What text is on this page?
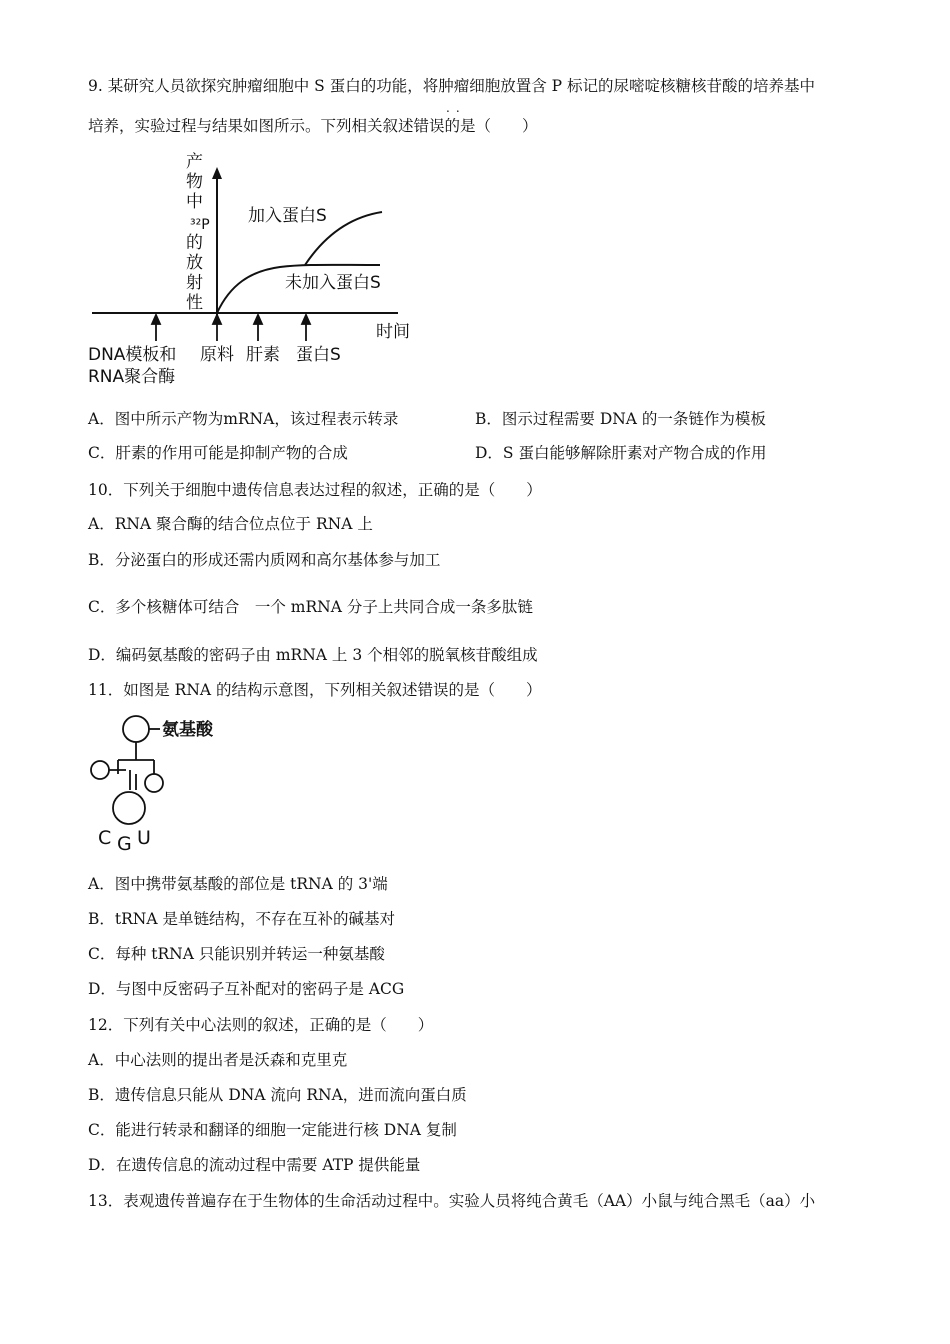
9. 某研究人员欲探究肿瘤细胞中 S 蛋白的功能，将肿瘤细胞放置含 P 标记的尿嘧啶核糖核苷酸的培养基中
..
培养，实验过程与结果如图所示。下列相关叙述错误的是（　　）
产
物
中
³²P
的
放
射
性
加入蛋白S
未加入蛋白S
时间
DNA模板和
RNA聚合酶
原料 肝素 蛋白S
A．图中所示产物为mRNA，该过程表示转录	B．图示过程需要 DNA 的一条链作为模板
C．肝素的作用可能是抑制产物的合成	D．S 蛋白能够解除肝素对产物合成的作用
10．下列关于细胞中遗传信息表达过程的叙述，正确的是（　　）
A．RNA 聚合酶的结合位点位于 RNA 上
B．分泌蛋白的形成还需内质网和高尔基体参与加工
C．多个核糖体可结合　一个 mRNA 分子上共同合成一条多肽链
D．编码氨基酸的密码子由 mRNA 上 3 个相邻的脱氧核苷酸组成
11．如图是 RNA 的结构示意图，下列相关叙述错误的是（　　）
氨基酸
C G U
A．图中携带氨基酸的部位是 tRNA 的 3'端
B．tRNA 是单链结构，不存在互补的碱基对
C．每种 tRNA 只能识别并转运一种氨基酸
D．与图中反密码子互补配对的密码子是 ACG
12．下列有关中心法则的叙述，正确的是（　　）
A．中心法则的提出者是沃森和克里克
B．遗传信息只能从 DNA 流向 RNA，进而流向蛋白质
C．能进行转录和翻译的细胞一定能进行核 DNA 复制
D．在遗传信息的流动过程中需要 ATP 提供能量
13．表观遗传普遍存在于生物体的生命活动过程中。实验人员将纯合黄毛（AA）小鼠与纯合黑毛（aa）小
